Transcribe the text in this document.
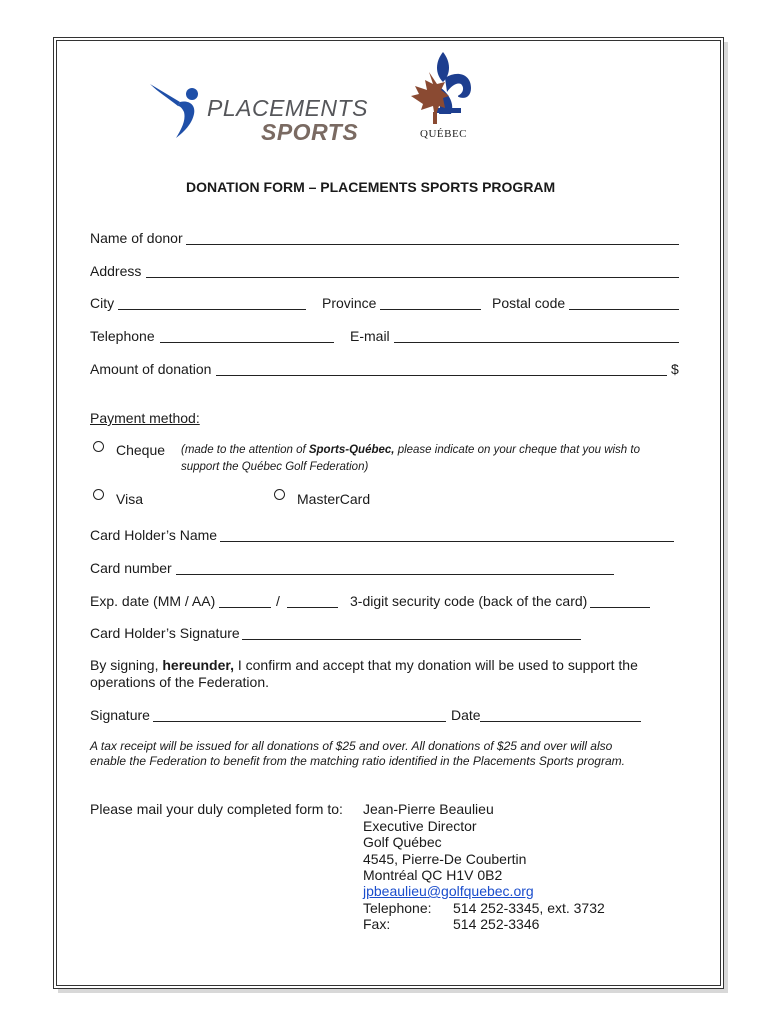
PLACEMENTS
SPORTS	QUÉBEC
DONATION FORM – PLACEMENTS SPORTS PROGRAM
Name of donor
Address
City	Province	Postal code
Telephone	E-mail
Amount of donation	$
Payment method:
Cheque (made to the attention of Sports-Québec, please indicate on your cheque that you wish to
support the Québec Golf Federation)
Visa	MasterCard
Card Holder’s Name
Card number
Exp. date (MM / AA)	/	3-digit security code (back of the card)
Card Holder’s Signature
By signing, hereunder, I confirm and accept that my donation will be used to support the
operations of the Federation.
Signature	Date
A tax receipt will be issued for all donations of $25 and over. All donations of $25 and over will also
enable the Federation to benefit from the matching ratio identified in the Placements Sports program.
Please mail your duly completed form to: Jean-Pierre Beaulieu
Executive Director
Golf Québec
4545, Pierre-De Coubertin
Montréal QC H1V 0B2
jpbeaulieu@golfquebec.org
Telephone: 514 252-3345, ext. 3732
Fax:	514 252-3346
